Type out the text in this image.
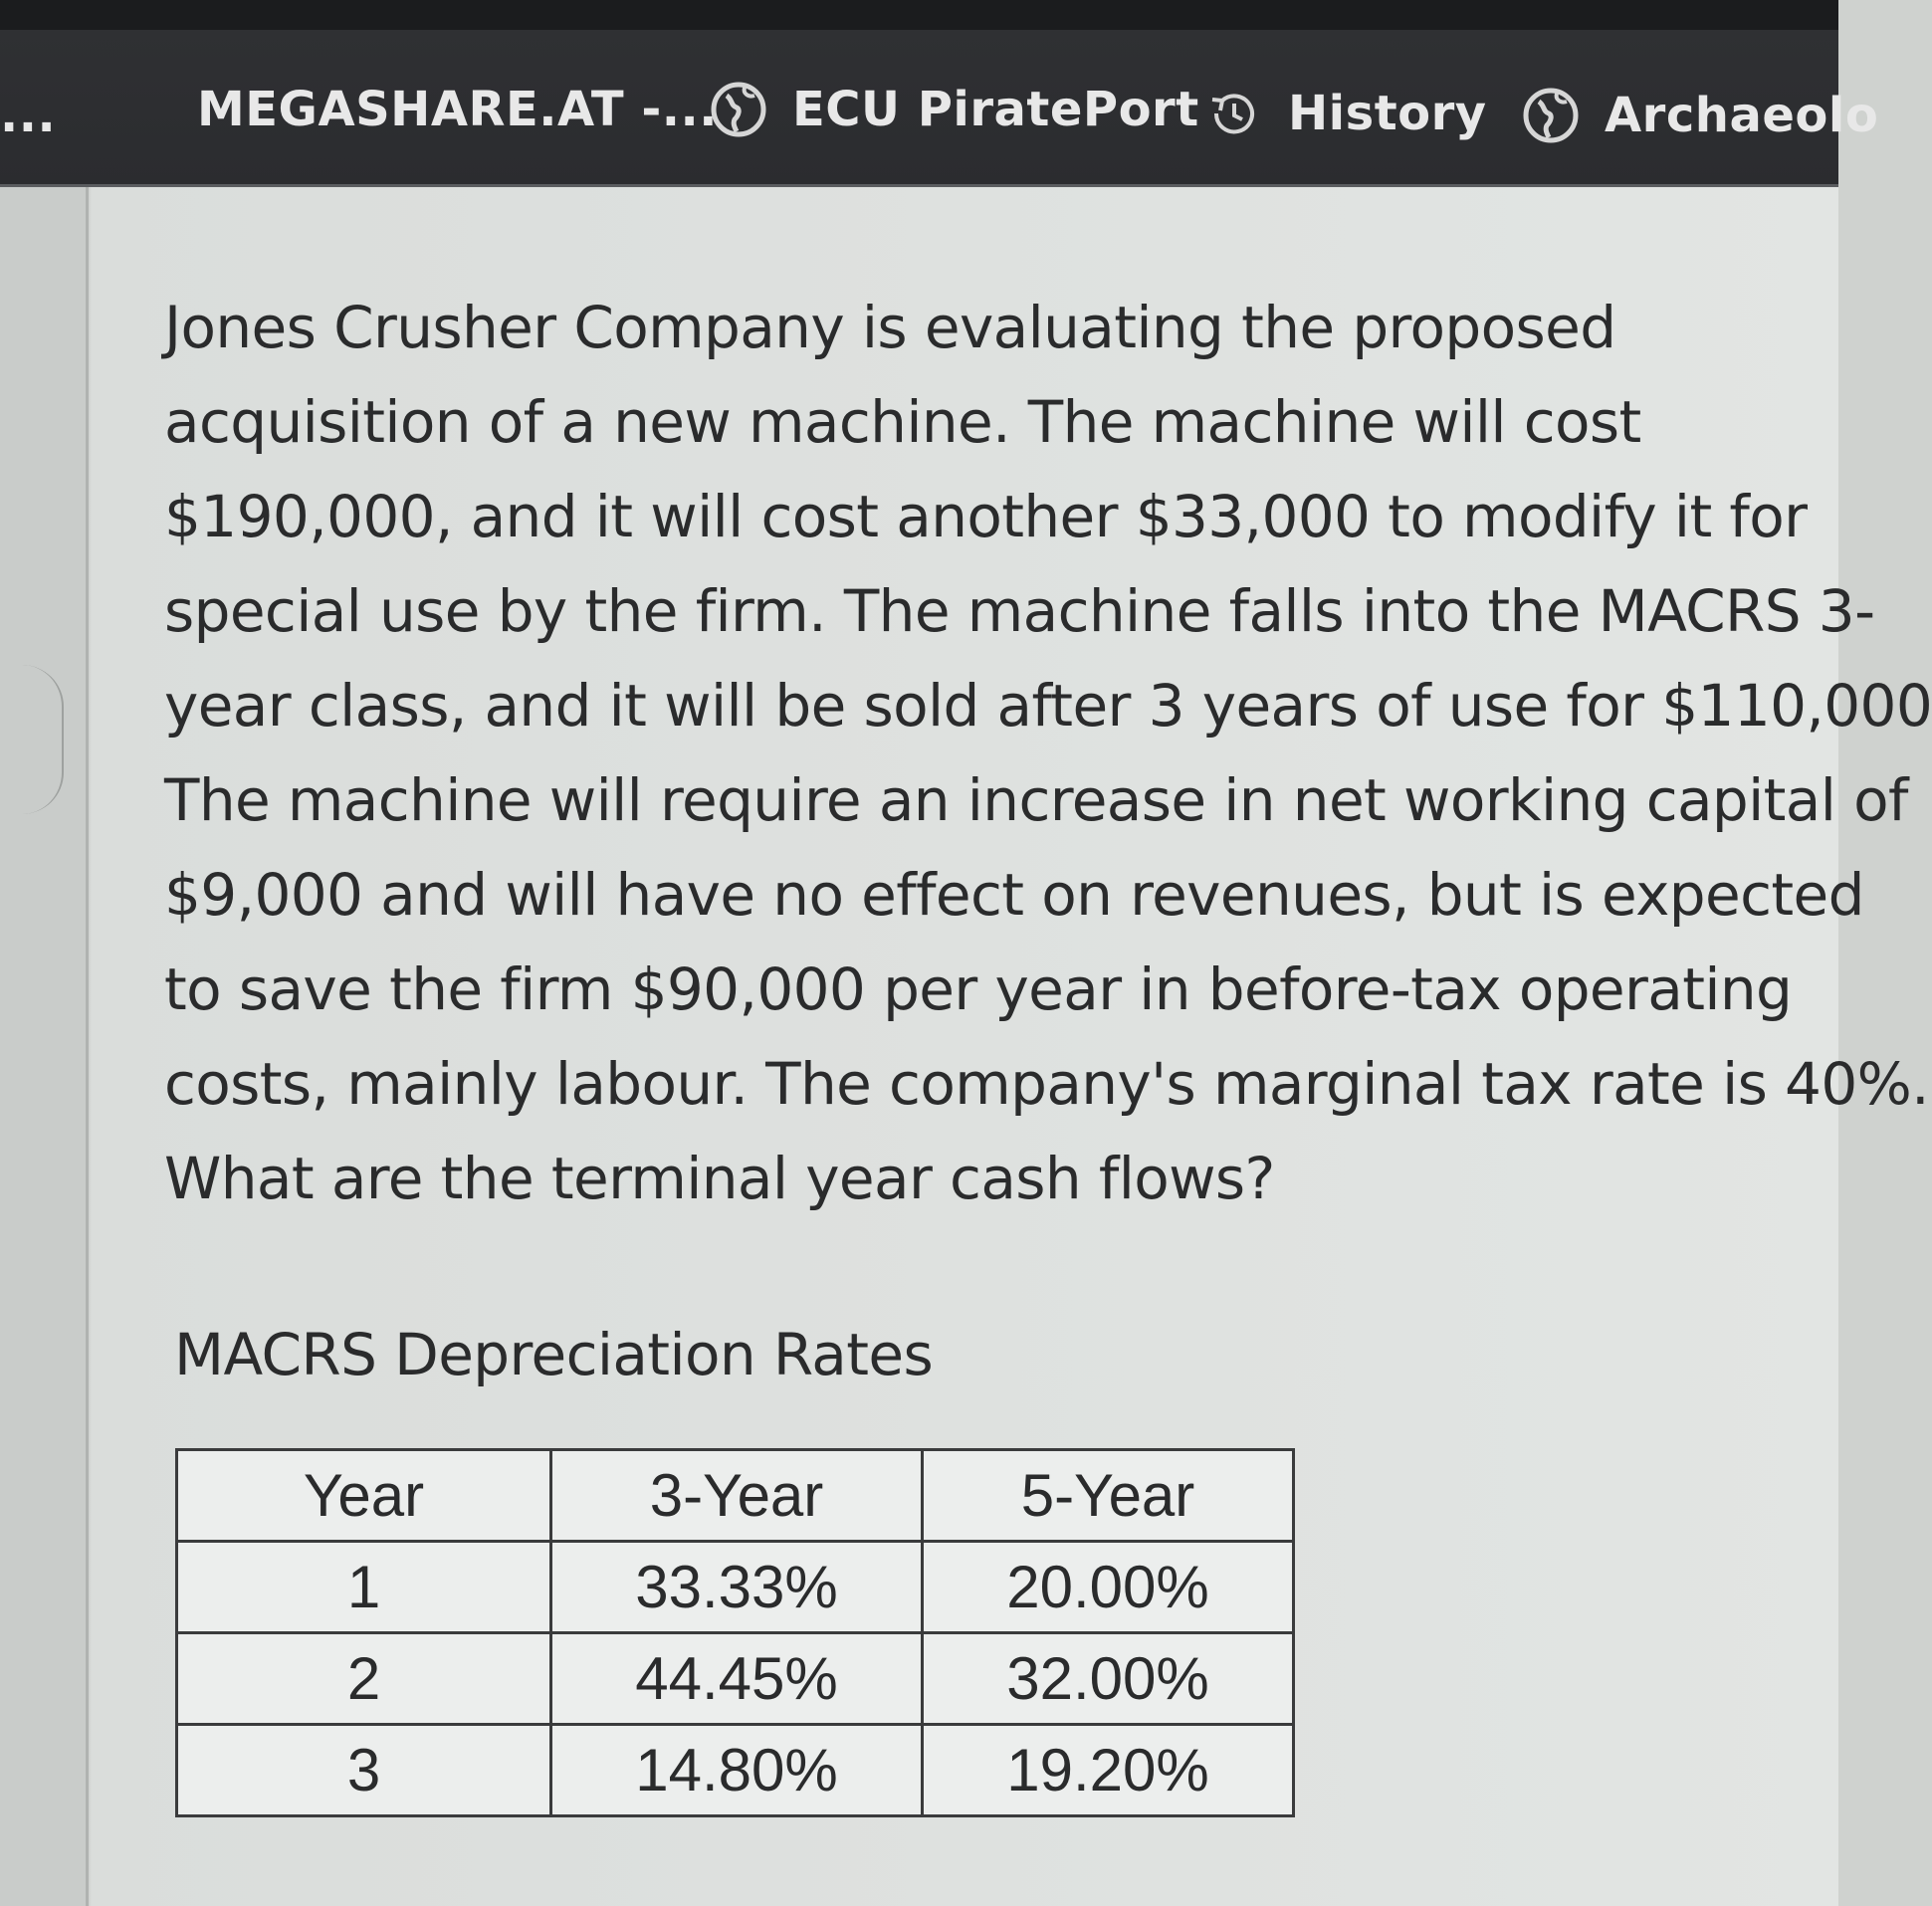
...	MEGASHARE.AT -... ECU PiratePort History Archaeolo

Jones Crusher Company is evaluating the proposed
acquisition of a new machine. The machine will cost
$190,000, and it will cost another $33,000 to modify it for
special use by the firm. The machine falls into the MACRS 3-
year class, and it will be sold after 3 years of use for $110,000
The machine will require an increase in net working capital of
$9,000 and will have no effect on revenues, but is expected
to save the firm $90,000 per year in before-tax operating
costs, mainly labour. The company's marginal tax rate is 40%.
What are the terminal year cash flows?

MACRS Depreciation Rates
Year	3-Year	5-Year
1	33.33%	20.00%
2	44.45%	32.00%
3	14.80%	19.20%
